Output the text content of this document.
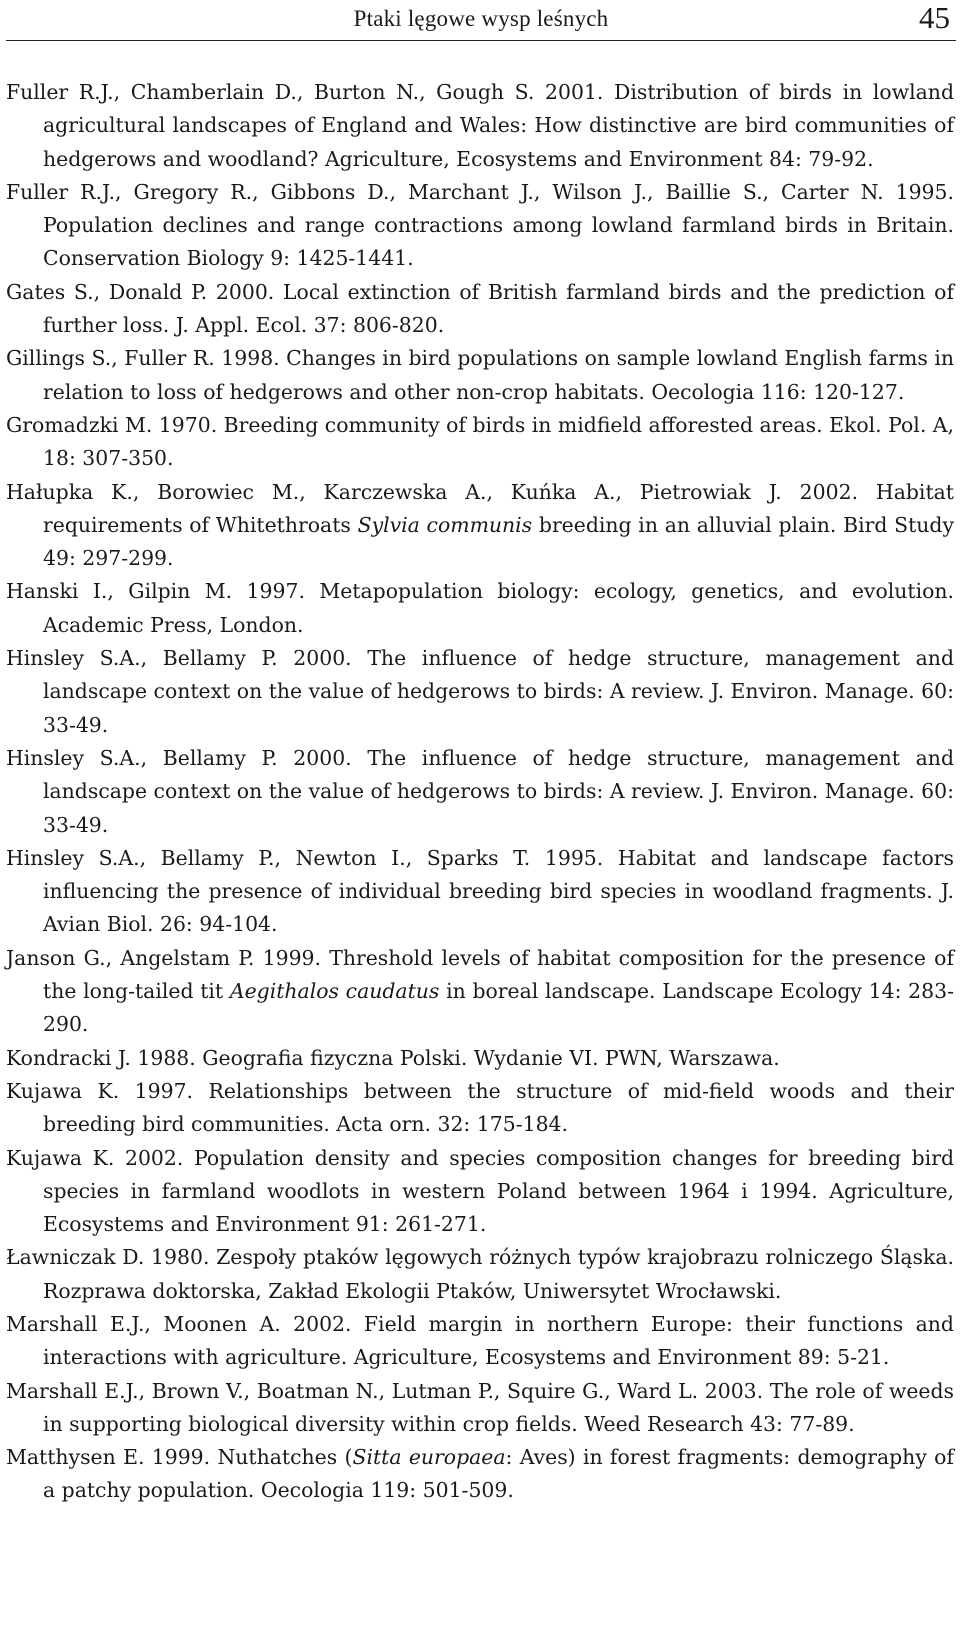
Ptaki lęgowe wysp leśnych	45

Fuller R.J., Chamberlain D., Burton N., Gough S. 2001. Distribution of birds in lowland agricultural landscapes of England and Wales: How distinctive are bird communities of hedgerows and woodland? Agriculture, Ecosystems and Environment 84: 79-92.

Fuller R.J., Gregory R., Gibbons D., Marchant J., Wilson J., Baillie S., Carter N. 1995. Population declines and range contractions among lowland farmland birds in Britain. Conservation Biology 9: 1425-1441.

Gates S., Donald P. 2000. Local extinction of British farmland birds and the prediction of further loss. J. Appl. Ecol. 37: 806-820.

Gillings S., Fuller R. 1998. Changes in bird populations on sample lowland English farms in relation to loss of hedgerows and other non-crop habitats. Oecologia 116: 120-127.

Gromadzki M. 1970. Breeding community of birds in midfield afforested areas. Ekol. Pol. A, 18: 307-350.

Hałupka K., Borowiec M., Karczewska A., Kuńka A., Pietrowiak J. 2002. Habitat requirements of Whitethroats Sylvia communis breeding in an alluvial plain. Bird Study 49: 297-299.

Hanski I., Gilpin M. 1997. Metapopulation biology: ecology, genetics, and evolution. Academic Press, London.

Hinsley S.A., Bellamy P. 2000. The influence of hedge structure, management and landscape context on the value of hedgerows to birds: A review. J. Environ. Manage. 60: 33-49.

Hinsley S.A., Bellamy P. 2000. The influence of hedge structure, management and landscape context on the value of hedgerows to birds: A review. J. Environ. Manage. 60: 33-49.

Hinsley S.A., Bellamy P., Newton I., Sparks T. 1995. Habitat and landscape factors influencing the presence of individual breeding bird species in woodland fragments. J. Avian Biol. 26: 94-104.

Janson G., Angelstam P. 1999. Threshold levels of habitat composition for the presence of the long-tailed tit Aegithalos caudatus in boreal landscape. Landscape Ecology 14: 283-290.

Kondracki J. 1988. Geografia fizyczna Polski. Wydanie VI. PWN, Warszawa.

Kujawa K. 1997. Relationships between the structure of mid-field woods and their breeding bird communities. Acta orn. 32: 175-184.

Kujawa K. 2002. Population density and species composition changes for breeding bird species in farmland woodlots in western Poland between 1964 i 1994. Agriculture, Ecosystems and Environment 91: 261-271.

Ławniczak D. 1980. Zespoły ptaków lęgowych różnych typów krajobrazu rolniczego Śląska. Rozprawa doktorska, Zakład Ekologii Ptaków, Uniwersytet Wrocławski.

Marshall E.J., Moonen A. 2002. Field margin in northern Europe: their functions and interactions with agriculture. Agriculture, Ecosystems and Environment 89: 5-21.

Marshall E.J., Brown V., Boatman N., Lutman P., Squire G., Ward L. 2003. The role of weeds in supporting biological diversity within crop fields. Weed Research 43: 77-89.

Matthysen E. 1999. Nuthatches (Sitta europaea: Aves) in forest fragments: demography of a patchy population. Oecologia 119: 501-509.
